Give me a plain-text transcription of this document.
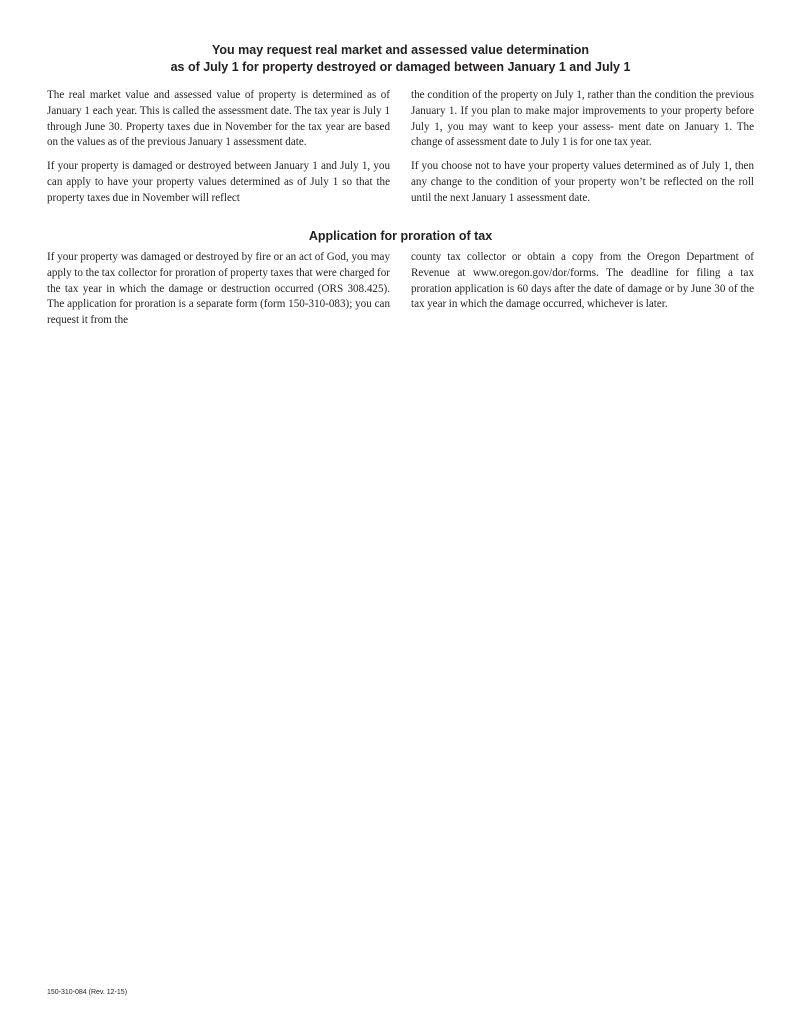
You may request real market and assessed value determination
as of July 1 for property destroyed or damaged between January 1 and July 1

The real market value and assessed value of property is determined as of January 1 each year. This is called the assessment date. The tax year is July 1 through June 30. Property taxes due in November for the tax year are based on the values as of the previous January 1 assessment date.

If your property is damaged or destroyed between January 1 and July 1, you can apply to have your property values determined as of July 1 so that the property taxes due in November will reflect

the condition of the property on July 1, rather than the condition the previous January 1. If you plan to make major improvements to your property before July 1, you may want to keep your assess- ment date on January 1. The change of assessment date to July 1 is for one tax year.

If you choose not to have your property values determined as of July 1, then any change to the condition of your property won’t be reflected on the roll until the next January 1 assessment date.

Application for proration of tax

If your property was damaged or destroyed by fire or an act of God, you may apply to the tax collector for proration of property taxes that were charged for the tax year in which the damage or destruction occurred (ORS 308.425). The application for proration is a separate form (form 150-310-083); you can request it from the

county tax collector or obtain a copy from the Oregon Department of Revenue at www.oregon.gov/dor/forms. The deadline for filing a tax proration application is 60 days after the date of damage or by June 30 of the tax year in which the damage occurred, whichever is later.

150-310-084 (Rev. 12-15)
